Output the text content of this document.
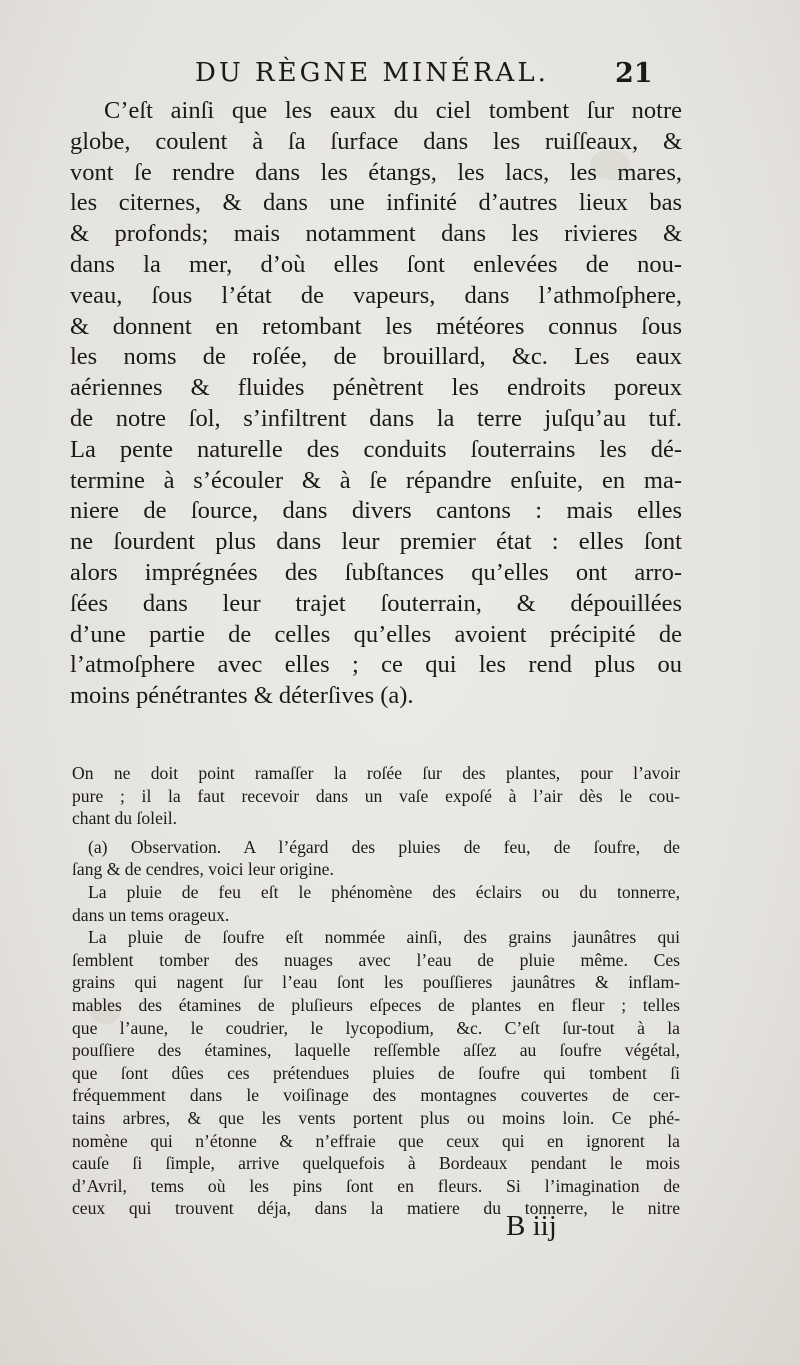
DU RÈGNE MINÉRAL.	21
C’eſt ainſi que les eaux du ciel tombent ſur notre
globe, coulent à ſa ſurface dans les ruiſſeaux, &
vont ſe rendre dans les étangs, les lacs, les mares,
les citernes, & dans une infinité d’autres lieux bas
& profonds; mais notamment dans les rivieres &
dans la mer, d’où elles ſont enlevées de nou-
veau, ſous l’état de vapeurs, dans l’athmoſphere,
& donnent en retombant les météores connus ſous
les noms de roſée, de brouillard, &c. Les eaux
aériennes & fluides pénètrent les endroits poreux
de notre ſol, s’infiltrent dans la terre juſqu’au tuf.
La pente naturelle des conduits ſouterrains les dé-
termine à s’écouler & à ſe répandre enſuite, en ma-
niere de ſource, dans divers cantons : mais elles
ne ſourdent plus dans leur premier état : elles ſont
alors imprégnées des ſubſtances qu’elles ont arro-
ſées dans leur trajet ſouterrain, & dépouillées
d’une partie de celles qu’elles avoient précipité de
l’atmoſphere avec elles ; ce qui les rend plus ou
moins pénétrantes & déterſives (a).
On ne doit point ramaſſer la roſée ſur des plantes, pour l’avoir
pure ; il la faut recevoir dans un vaſe expoſé à l’air dès le cou-
chant du ſoleil.
(a) Observation. A l’égard des pluies de feu, de ſoufre, de
ſang & de cendres, voici leur origine.
La pluie de feu eſt le phénomène des éclairs ou du tonnerre,
dans un tems orageux.
La pluie de ſoufre eſt nommée ainſi, des grains jaunâtres qui
ſemblent tomber des nuages avec l’eau de pluie même. Ces
grains qui nagent ſur l’eau ſont les pouſſieres jaunâtres & inflam-
mables des étamines de pluſieurs eſpeces de plantes en fleur ; telles
que l’aune, le coudrier, le lycopodium, &c. C’eſt ſur-tout à la
pouſſiere des étamines, laquelle reſſemble aſſez au ſoufre végétal,
que ſont dûes ces prétendues pluies de ſoufre qui tombent ſi
fréquemment dans le voiſinage des montagnes couvertes de cer-
tains arbres, & que les vents portent plus ou moins loin. Ce phé-
nomène qui n’étonne & n’effraie que ceux qui en ignorent la
cauſe ſi ſimple, arrive quelquefois à Bordeaux pendant le mois
d’Avril, tems où les pins ſont en fleurs. Si l’imagination de
ceux qui trouvent déja, dans la matiere du tonnerre, le nitre
B iij
